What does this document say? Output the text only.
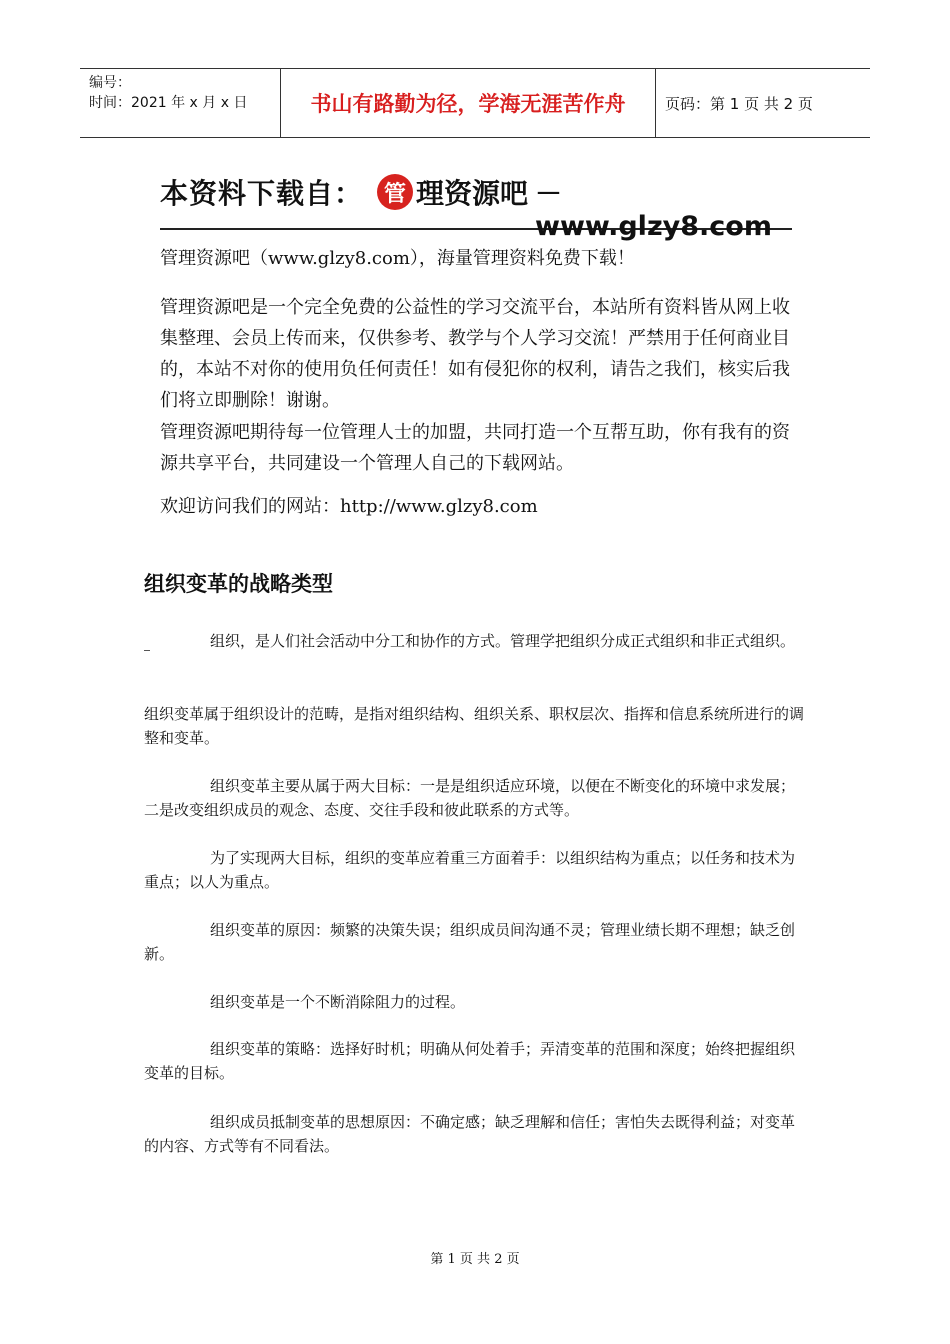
编号：
时间：2021 年 x 月 x 日	书山有路勤为径，学海无涯苦作舟	页码：第 1 页 共 2 页
本资料下载自： 管 理资源吧 － www.glzy8.com
管理资源吧（www.glzy8.com），海量管理资料免费下载！
管理资源吧是一个完全免费的公益性的学习交流平台，本站所有资料皆从网上收集整理、会员上传而来，仅供参考、教学与个人学习交流！严禁用于任何商业目的，本站不对你的使用负任何责任！如有侵犯你的权利，请告之我们，核实后我们将立即删除！谢谢。
管理资源吧期待每一位管理人士的加盟，共同打造一个互帮互助，你有我有的资源共享平台，共同建设一个管理人自己的下载网站。
欢迎访问我们的网站：http://www.glzy8.com
组织变革的战略类型
组织，是人们社会活动中分工和协作的方式。管理学把组织分成正式组织和非正式组织。
组织变革属于组织设计的范畴，是指对组织结构、组织关系、职权层次、指挥和信息系统所进行的调整和变革。
组织变革主要从属于两大目标：一是是组织适应环境，以便在不断变化的环境中求发展；二是改变组织成员的观念、态度、交往手段和彼此联系的方式等。
为了实现两大目标，组织的变革应着重三方面着手：以组织结构为重点；以任务和技术为重点；以人为重点。
组织变革的原因：频繁的决策失误；组织成员间沟通不灵；管理业绩长期不理想；缺乏创新。
组织变革是一个不断消除阻力的过程。
组织变革的策略：选择好时机；明确从何处着手；弄清变革的范围和深度；始终把握组织变革的目标。
组织成员抵制变革的思想原因：不确定感；缺乏理解和信任；害怕失去既得利益；对变革的内容、方式等有不同看法。
第 1 页 共 2 页
